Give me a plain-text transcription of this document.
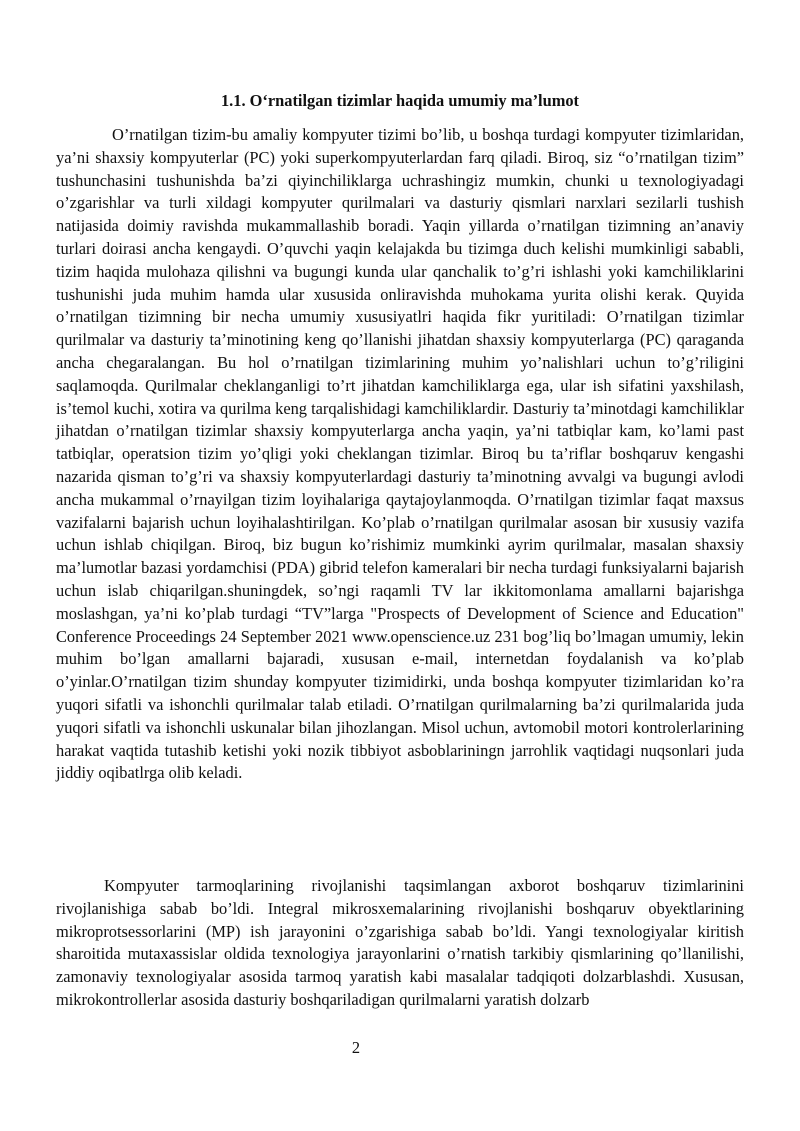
1.1. O‘rnatilgan tizimlar haqida umumiy ma’lumot

O’rnatilgan tizim-bu amaliy kompyuter tizimi bo’lib, u boshqa turdagi kompyuter tizimlaridan, ya’ni shaxsiy kompyuterlar (PC) yoki superkompyuterlardan farq qiladi. Biroq, siz “o’rnatilgan tizim” tushunchasini tushunishda ba’zi qiyinchiliklarga uchrashingiz mumkin, chunki u texnologiyadagi o’zgarishlar va turli xildagi kompyuter qurilmalari va dasturiy qismlari narxlari sezilarli tushish natijasida doimiy ravishda mukammallashib boradi. Yaqin yillarda o’rnatilgan tizimning an’anaviy turlari doirasi ancha kengaydi. O’quvchi yaqin kelajakda bu tizimga duch kelishi mumkinligi sababli, tizim haqida mulohaza qilishni va bugungi kunda ular qanchalik to’g’ri ishlashi yoki kamchiliklarini tushunishi juda muhim hamda ular xususida onliravishda muhokama yurita olishi kerak. Quyida o’rnatilgan tizimning bir necha umumiy xususiyatlri haqida fikr yuritiladi: O’rnatilgan tizimlar qurilmalar va dasturiy ta’minotining keng qo’llanishi jihatdan shaxsiy kompyuterlarga (PC) qaraganda ancha chegaralangan. Bu hol o’rnatilgan tizimlarining muhim yo’nalishlari uchun to’g’riligini saqlamoqda. Qurilmalar cheklanganligi to’rt jihatdan kamchiliklarga ega, ular ish sifatini yaxshilash, is’temol kuchi, xotira va qurilma keng tarqalishidagi kamchiliklardir. Dasturiy ta’minotdagi kamchiliklar jihatdan o’rnatilgan tizimlar shaxsiy kompyuterlarga ancha yaqin, ya’ni tatbiqlar kam, ko’lami past tatbiqlar, operatsion tizim yo’qligi yoki cheklangan tizimlar. Biroq bu ta’riflar boshqaruv kengashi nazarida qisman to’g’ri va shaxsiy kompyuterlardagi dasturiy ta’minotning avvalgi va bugungi avlodi ancha mukammal o’rnayilgan tizim loyihalariga qaytajoylanmoqda. O’rnatilgan tizimlar faqat maxsus vazifalarni bajarish uchun loyihalashtirilgan. Ko’plab o’rnatilgan qurilmalar asosan bir xususiy vazifa uchun ishlab chiqilgan. Biroq, biz bugun ko’rishimiz mumkinki ayrim qurilmalar, masalan shaxsiy ma’lumotlar bazasi yordamchisi (PDA) gibrid telefon kameralari bir necha turdagi funksiyalarni bajarish uchun islab chiqarilgan.shuningdek, so’ngi raqamli TV lar ikkitomonlama amallarni bajarishga moslashgan, ya’ni ko’plab turdagi “TV”larga "Prospects of Development of Science and Education" Conference Proceedings 24 September 2021 www.openscience.uz 231 bog’liq bo’lmagan umumiy, lekin muhim bo’lgan amallarni bajaradi, xususan e-mail, internetdan foydalanish va ko’plab o’yinlar.O’rnatilgan tizim shunday kompyuter tizimidirki, unda boshqa kompyuter tizimlaridan ko’ra yuqori sifatli va ishonchli qurilmalar talab etiladi. O’rnatilgan qurilmalarning ba’zi qurilmalarida juda yuqori sifatli va ishonchli uskunalar bilan jihozlangan. Misol uchun, avtomobil motori kontrolerlarining harakat vaqtida tutashib ketishi yoki nozik tibbiyot asboblariningn jarrohlik vaqtidagi nuqsonlari juda jiddiy oqibatlrga olib keladi.

Kompyuter tarmoqlarining rivojlanishi taqsimlangan axborot boshqaruv tizimlarinini rivojlanishiga sabab bo’ldi. Integral mikrosxemalarining rivojlanishi boshqaruv obyektlarining mikroprotsessorlarini (MP) ish jarayonini o’zgarishiga sabab bo’ldi. Yangi texnologiyalar kiritish sharoitida mutaxassislar oldida texnologiya jarayonlarini o’rnatish tarkibiy qismlarining qo’llanilishi, zamonaviy texnologiyalar asosida tarmoq yaratish kabi masalalar tadqiqoti dolzarblashdi. Xususan, mikrokontrollerlar asosida dasturiy boshqariladigan qurilmalarni yaratish dolzarb

2
